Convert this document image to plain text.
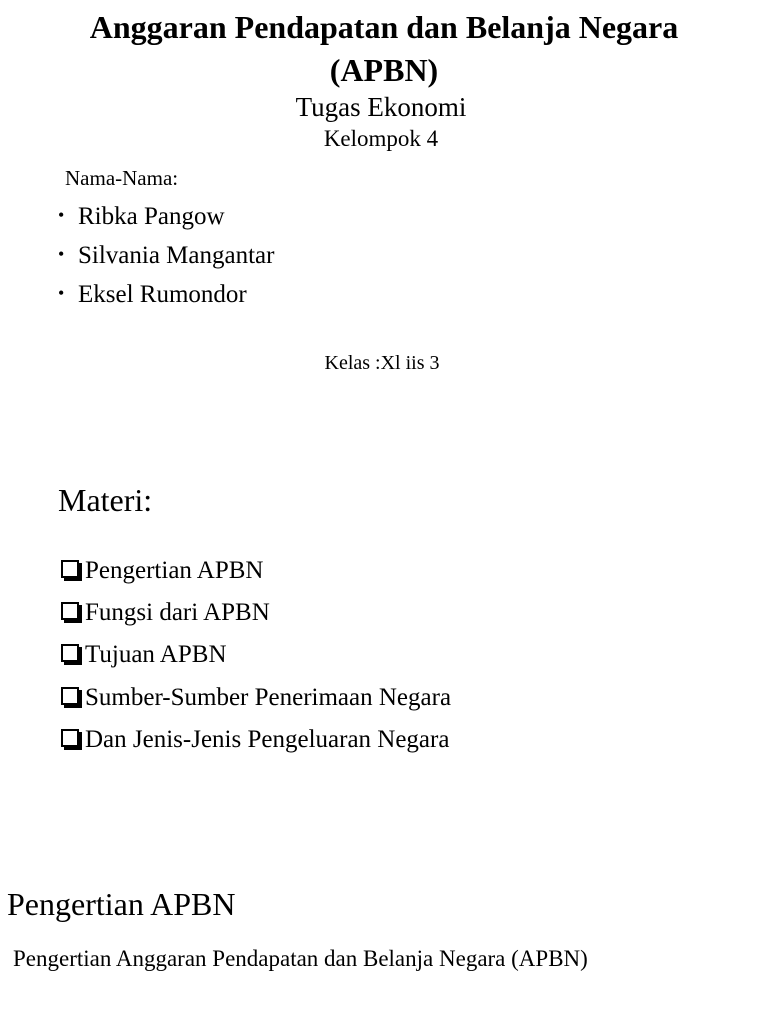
Anggaran Pendapatan dan Belanja Negara
(APBN)
Tugas Ekonomi
Kelompok 4
Nama-Nama:
• Ribka Pangow
• Silvania Mangantar
• Eksel Rumondor
Kelas :Xl iis 3
Materi:
Pengertian APBN
Fungsi dari APBN
Tujuan APBN
Sumber-Sumber Penerimaan Negara
Dan Jenis-Jenis Pengeluaran Negara
Pengertian APBN

Pengertian Anggaran Pendapatan dan Belanja Negara (APBN)
